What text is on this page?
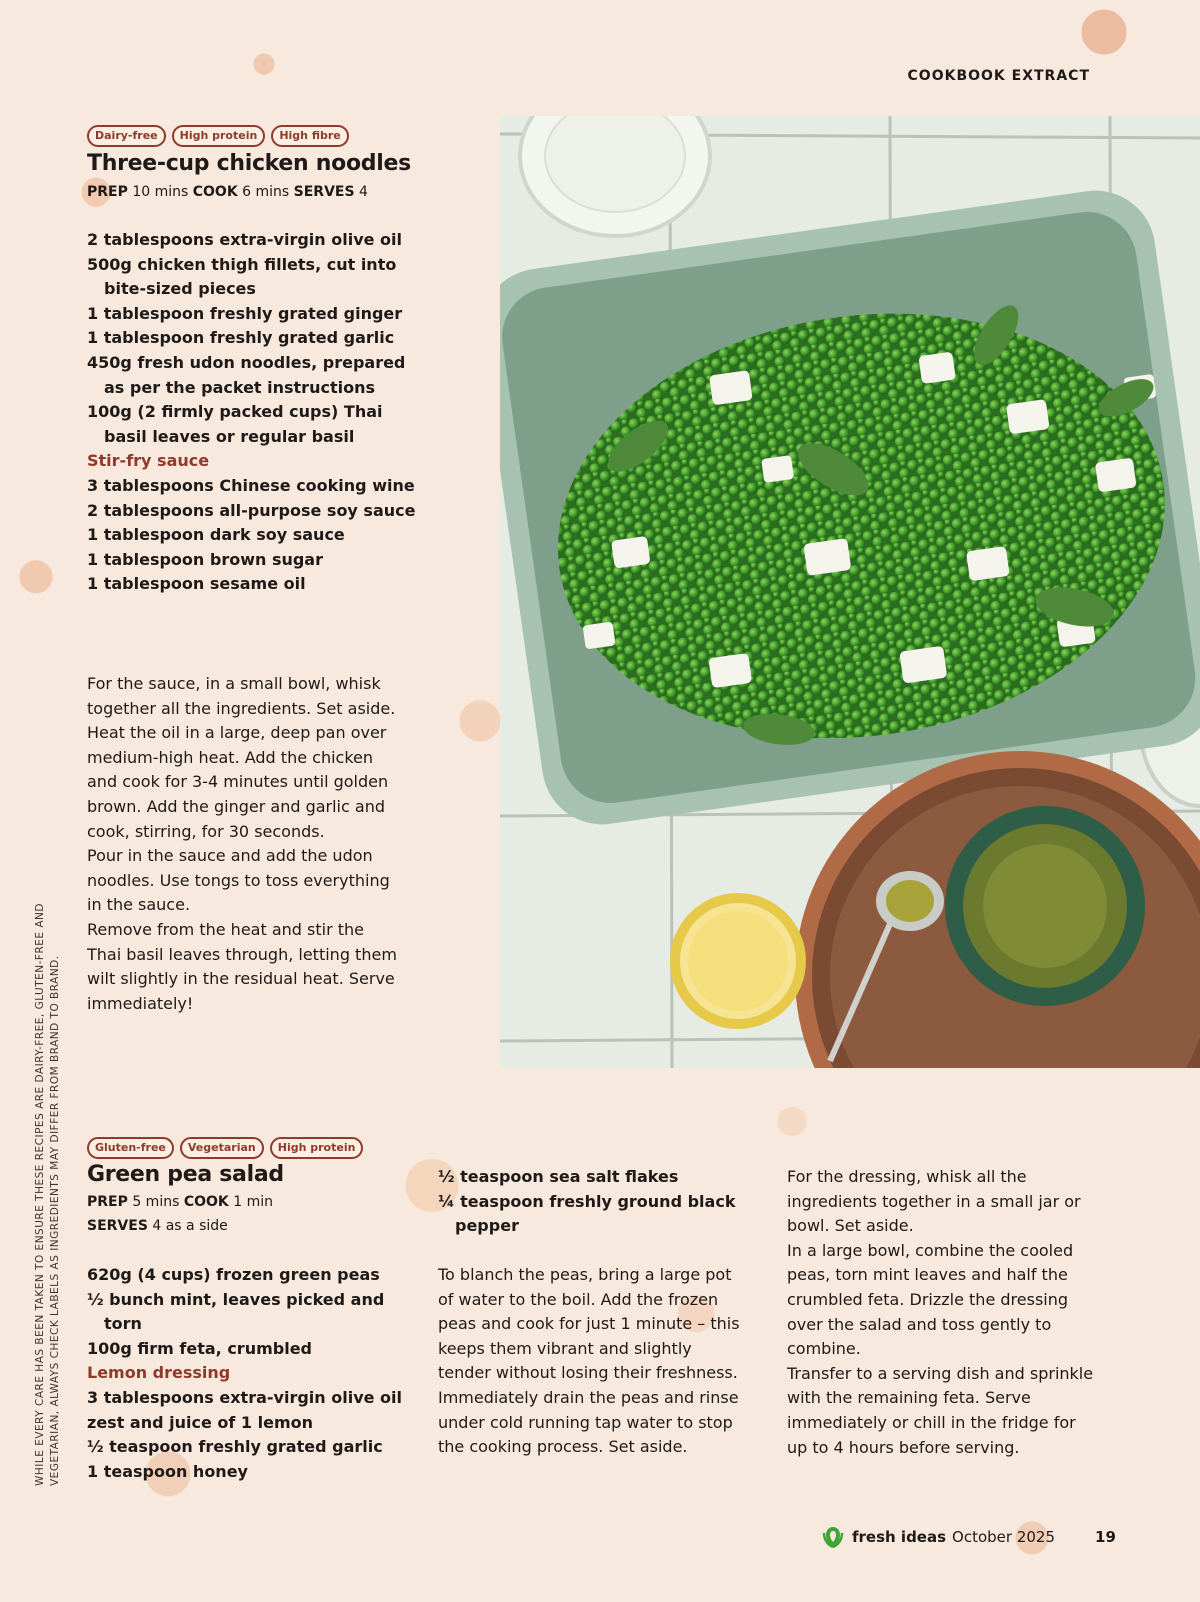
COOKBOOK EXTRACT
Dairy-free	High protein	High fibre
Three-cup chicken noodles
PREP 10 mins COOK 6 mins SERVES 4
2 tablespoons extra-virgin olive oil
500g chicken thigh fillets, cut into bite-sized pieces
1 tablespoon freshly grated ginger
1 tablespoon freshly grated garlic
450g fresh udon noodles, prepared as per the packet instructions
100g (2 firmly packed cups) Thai basil leaves or regular basil
Stir-fry sauce
3 tablespoons Chinese cooking wine
2 tablespoons all-purpose soy sauce
1 tablespoon dark soy sauce
1 tablespoon brown sugar
1 tablespoon sesame oil
For the sauce, in a small bowl, whisk together all the ingredients. Set aside.
Heat the oil in a large, deep pan over medium-high heat. Add the chicken and cook for 3-4 minutes until golden brown. Add the ginger and garlic and cook, stirring, for 30 seconds.
Pour in the sauce and add the udon noodles. Use tongs to toss everything in the sauce.
Remove from the heat and stir the Thai basil leaves through, letting them wilt slightly in the residual heat. Serve immediately!
Gluten-free	Vegetarian	High protein
Green pea salad
PREP 5 mins COOK 1 min
SERVES 4 as a side
620g (4 cups) frozen green peas
½ bunch mint, leaves picked and torn
100g firm feta, crumbled
Lemon dressing
3 tablespoons extra-virgin olive oil
zest and juice of 1 lemon
½ teaspoon freshly grated garlic
1 teaspoon honey
½ teaspoon sea salt flakes
¼ teaspoon freshly ground black pepper
To blanch the peas, bring a large pot of water to the boil. Add the frozen peas and cook for just 1 minute – this keeps them vibrant and slightly tender without losing their freshness. Immediately drain the peas and rinse under cold running tap water to stop the cooking process. Set aside.
For the dressing, whisk all the ingredients together in a small jar or bowl. Set aside.
In a large bowl, combine the cooled peas, torn mint leaves and half the crumbled feta. Drizzle the dressing over the salad and toss gently to combine.
Transfer to a serving dish and sprinkle with the remaining feta. Serve immediately or chill in the fridge for up to 4 hours before serving.
WHILE EVERY CARE HAS BEEN TAKEN TO ENSURE THESE RECIPES ARE DAIRY-FREE, GLUTEN-FREE AND VEGETARIAN, ALWAYS CHECK LABELS AS INGREDIENTS MAY DIFFER FROM BRAND TO BRAND.
fresh ideas October 2025	19
